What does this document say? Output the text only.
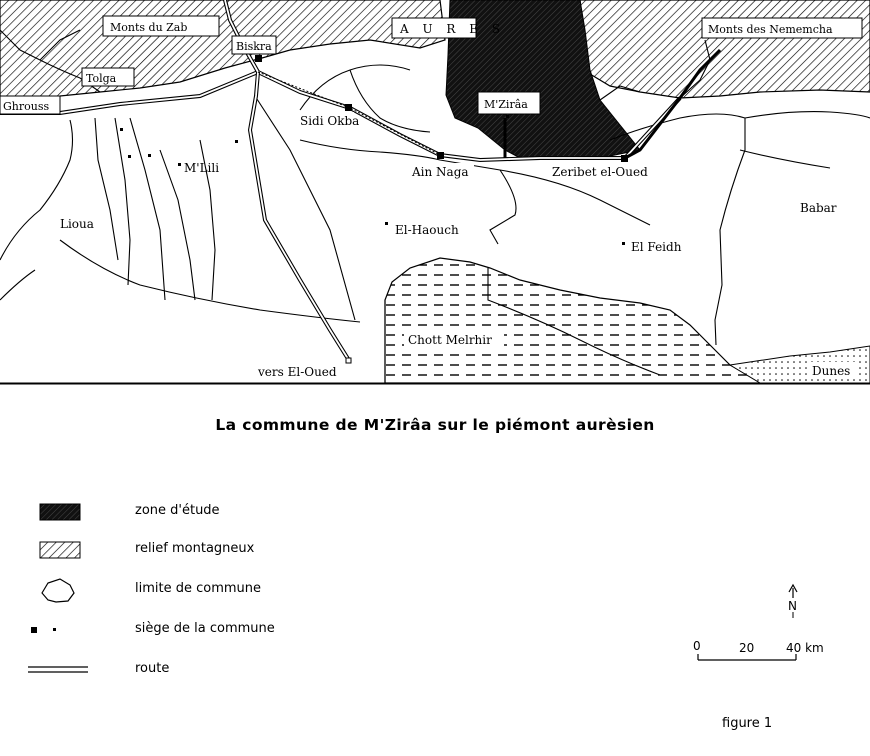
Monts du Zab	A U R E S	Monts des Nememcha
Biskra
Tolga
Ghrouss	M'Zirâa
Sidi Okba
Ain Naga	Zeribet el-Oued
M'Lili
Lioua	El-Haouch
El Feidh
Babar
Chott Melrhir
vers El-Oued	Dunes
La commune de M'Zirâa sur le piémont aurèsien
zone d'étude
relief montagneux
limite de commune
siège de la commune
route
N
0	20	40 km
figure 1
